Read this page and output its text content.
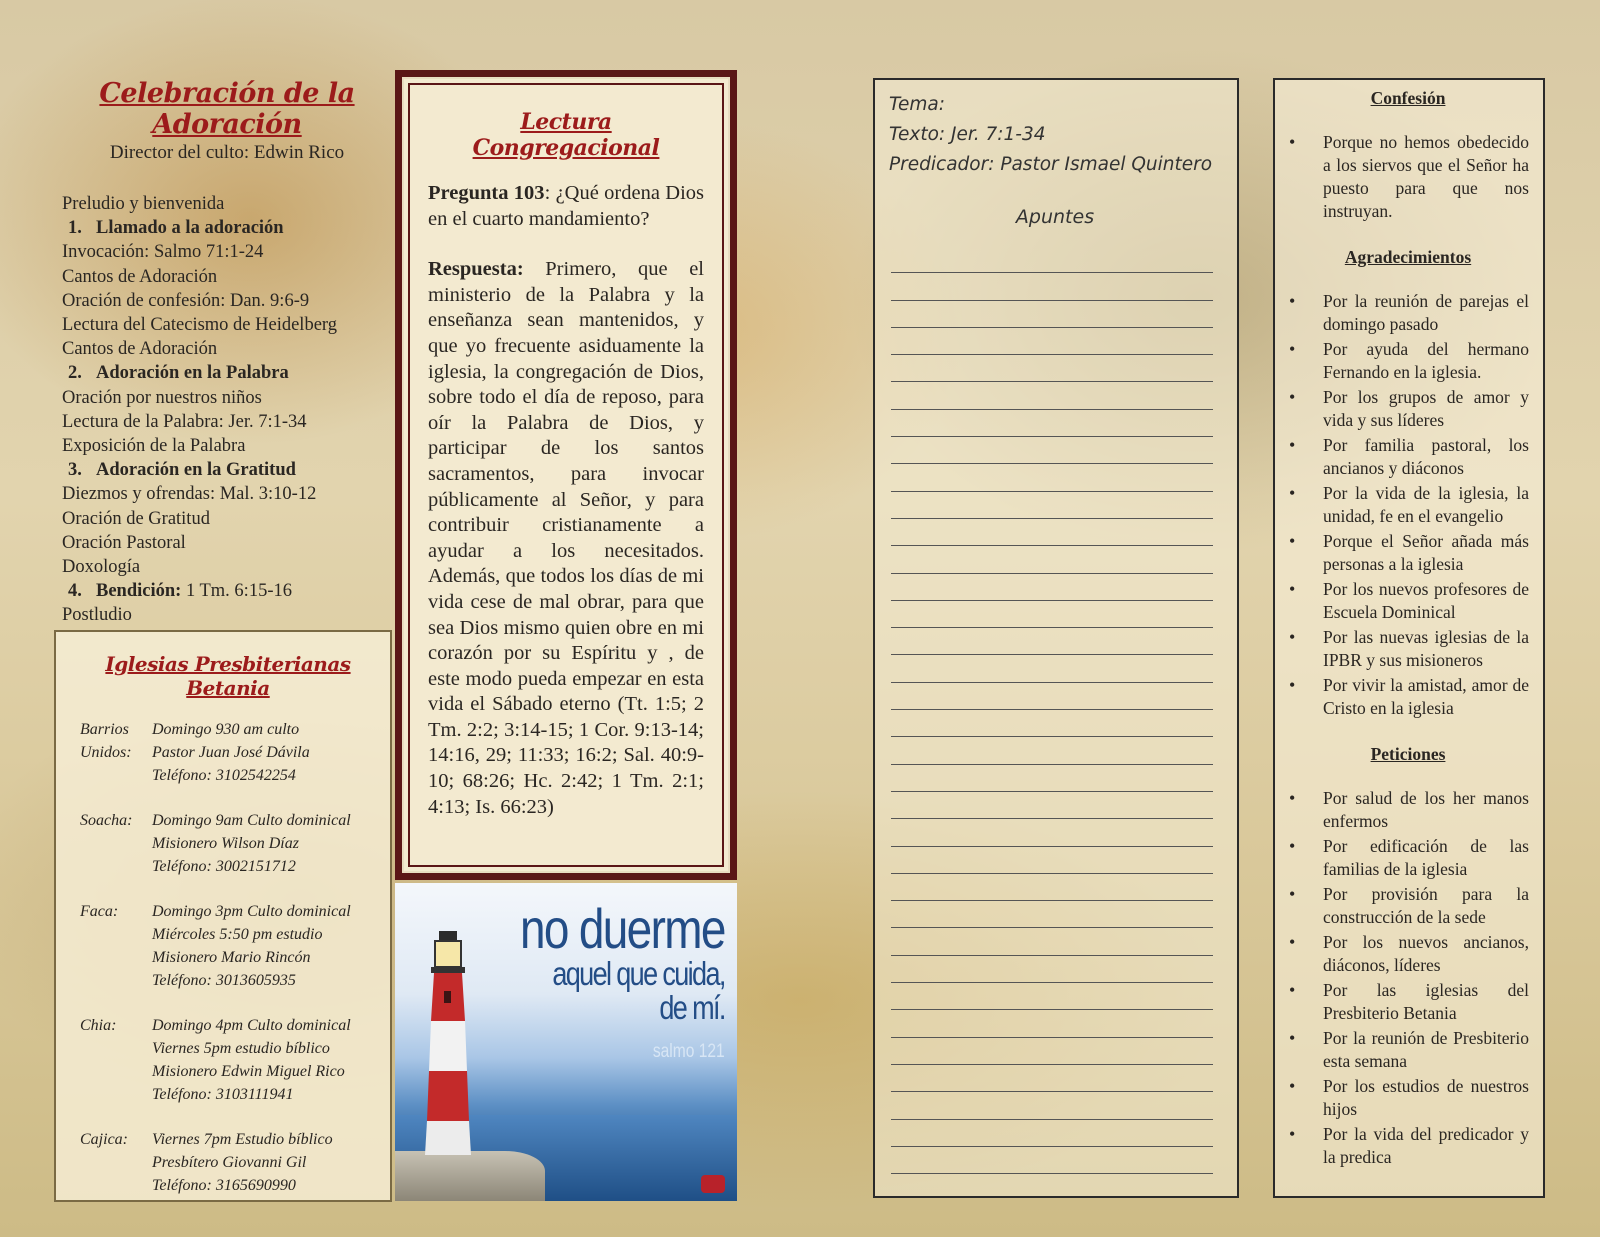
Celebración de la Adoración
Director del culto: Edwin Rico
Preludio y bienvenida
1. Llamado a la adoración
Invocación: Salmo 71:1-24
Cantos de Adoración
Oración de confesión: Dan. 9:6-9
Lectura del Catecismo de Heidelberg
Cantos de Adoración
2. Adoración en la Palabra
Oración por nuestros niños
Lectura de la Palabra: Jer. 7:1-34
Exposición de la Palabra
3. Adoración en la Gratitud
Diezmos y ofrendas: Mal. 3:10-12
Oración de Gratitud
Oración Pastoral
Doxología
4. Bendición: 1 Tm. 6:15-16
Postludio
Iglesias Presbiterianas Betania
Barrios Unidos:
Domingo 930 am culto
Pastor Juan José Dávila
Teléfono: 3102542254
Soacha:	Domingo 9am Culto dominical
Misionero Wilson Díaz
Teléfono: 3002151712
Faca:	Domingo 3pm Culto dominical
Miércoles 5:50 pm estudio
Misionero Mario Rincón
Teléfono: 3013605935
Chia:	Domingo 4pm Culto dominical
Viernes 5pm estudio bíblico
Misionero Edwin Miguel Rico
Teléfono: 3103111941
Cajica:	Viernes 7pm Estudio bíblico
Presbítero Giovanni Gil
Teléfono: 3165690990
Lectura Congregacional

Pregunta 103: ¿Qué ordena Dios en el cuarto mandamiento?

Respuesta: Primero, que el ministerio de la Palabra y la enseñanza sean mantenidos, y que yo frecuente asiduamente la iglesia, la congregación de Dios, sobre todo el día de reposo, para oír la Palabra de Dios, y participar de los santos sacramentos, para invocar públicamente al Señor, y para contribuir cristianamente a ayudar a los necesitados. Además, que todos los días de mi vida cese de mal obrar, para que sea Dios mismo quien obre en mi corazón por su Espíritu y , de este modo pueda empezar en esta vida el Sábado eterno (Tt. 1:5; 2 Tm. 2:2; 3:14-15; 1 Cor. 9:13-14; 14:16, 29; 11:33; 16:2; Sal. 40:9-10; 68:26; Hc. 2:42; 1 Tm. 2:1; 4:13; Is. 66:23)

no duerme
aquel que cuida,
de mí.
salmo 121
Tema:
Texto: Jer. 7:1-34
Predicador: Pastor Ismael Quintero
Apuntes
Confesión
• Porque no hemos obedecido a los siervos que el Señor ha puesto para que nos instruyan.
Agradecimientos
• Por la reunión de parejas el domingo pasado
• Por ayuda del hermano Fernando en la iglesia.
• Por los grupos de amor y vida y sus líderes
• Por familia pastoral, los ancianos y diáconos
• Por la vida de la iglesia, la unidad, fe en el evangelio
• Porque el Señor añada más personas a la iglesia
• Por los nuevos profesores de Escuela Dominical
• Por las nuevas iglesias de la IPBR y sus misioneros
• Por vivir la amistad, amor de Cristo en la iglesia
Peticiones
• Por salud de los her manos enfermos
• Por edificación de las familias de la iglesia
• Por provisión para la construcción de la sede
• Por los nuevos ancianos, diáconos, líderes
• Por las iglesias del Presbiterio Betania
• Por la reunión de Presbiterio esta semana
• Por los estudios de nuestros hijos
• Por la vida del predicador y la predica
